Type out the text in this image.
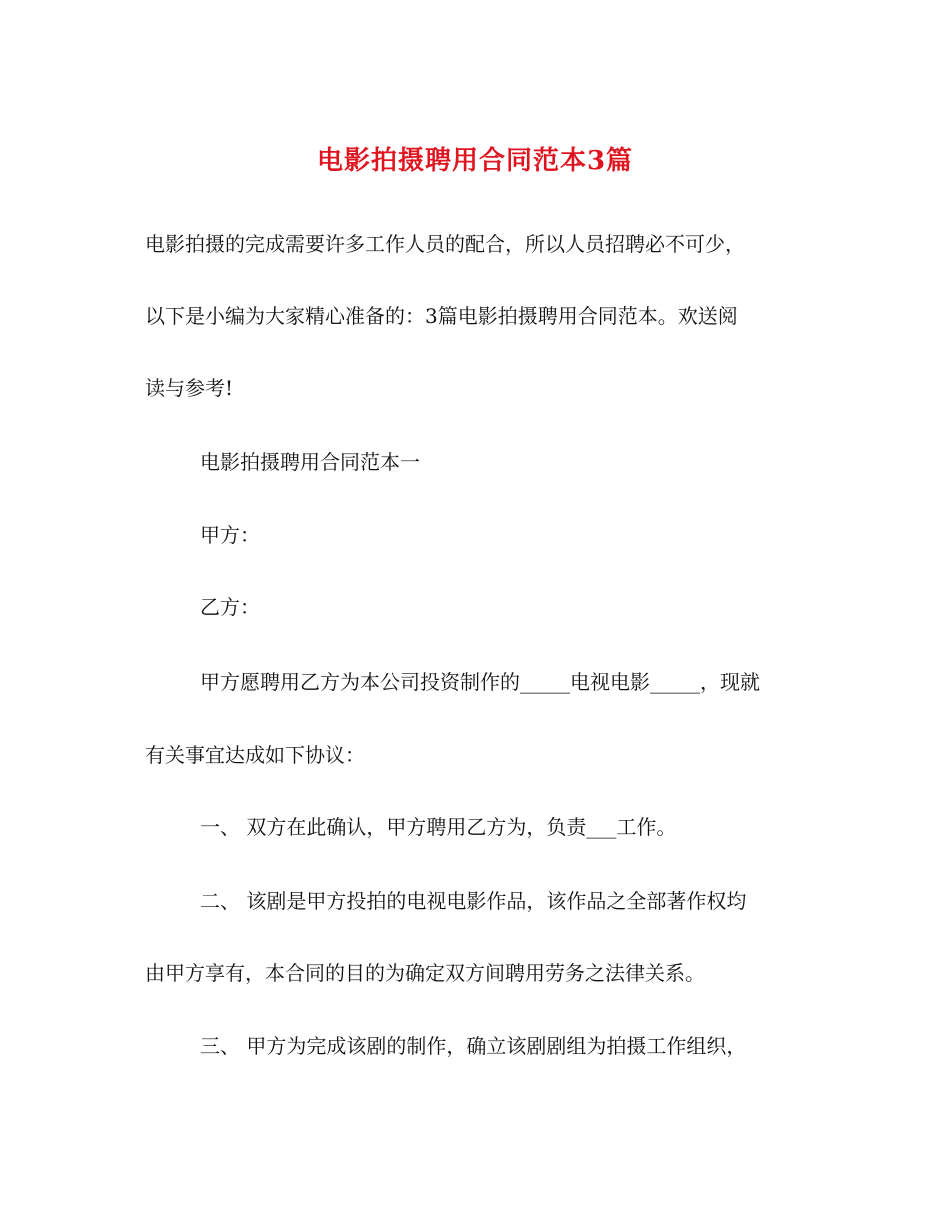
电影拍摄聘用合同范本3篇
电影拍摄的完成需要许多工作人员的配合，所以人员招聘必不可少，
以下是小编为大家精心准备的：3篇电影拍摄聘用合同范本。欢送阅
读与参考!
电影拍摄聘用合同范本一
甲方：
乙方：
甲方愿聘用乙方为本公司投资制作的_____电视电影_____，现就
有关事宜达成如下协议：
一、 双方在此确认，甲方聘用乙方为，负责___工作。
二、 该剧是甲方投拍的电视电影作品，该作品之全部著作权均
由甲方享有，本合同的目的为确定双方间聘用劳务之法律关系。
三、 甲方为完成该剧的制作，确立该剧剧组为拍摄工作组织，
